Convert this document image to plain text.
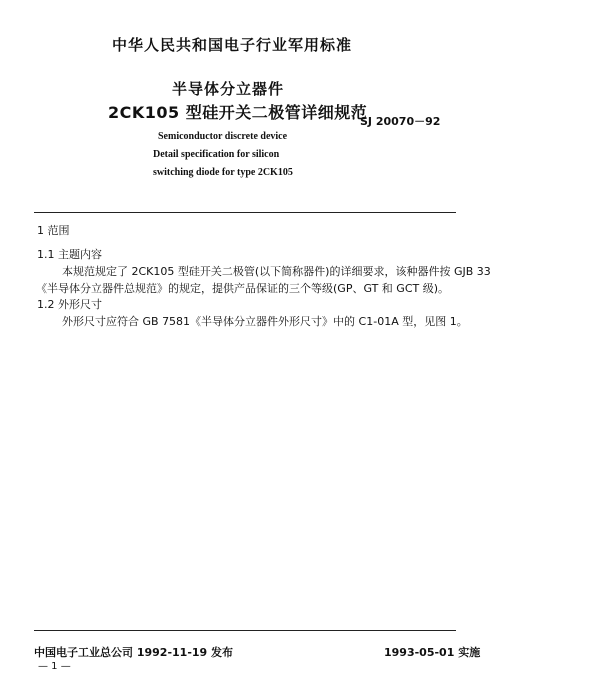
中华人民共和国电子行业军用标准
半导体分立器件
2CK105 型硅开关二极管详细规范
SJ 20070－92
Semiconductor discrete device
Detail specification for silicon
switching diode for type 2CK105
1 范围
1.1 主题内容
本规范规定了 2CK105 型硅开关二极管(以下简称器件)的详细要求，该种器件按 GJB 33
《半导体分立器件总规范》的规定，提供产品保证的三个等级(GP、GT 和 GCT 级)。
1.2 外形尺寸
外形尺寸应符合 GB 7581《半导体分立器件外形尺寸》中的 C1-01A 型，见图 1。
中国电子工业总公司 1992-11-19 发布	1993-05-01 实施
— 1 —
